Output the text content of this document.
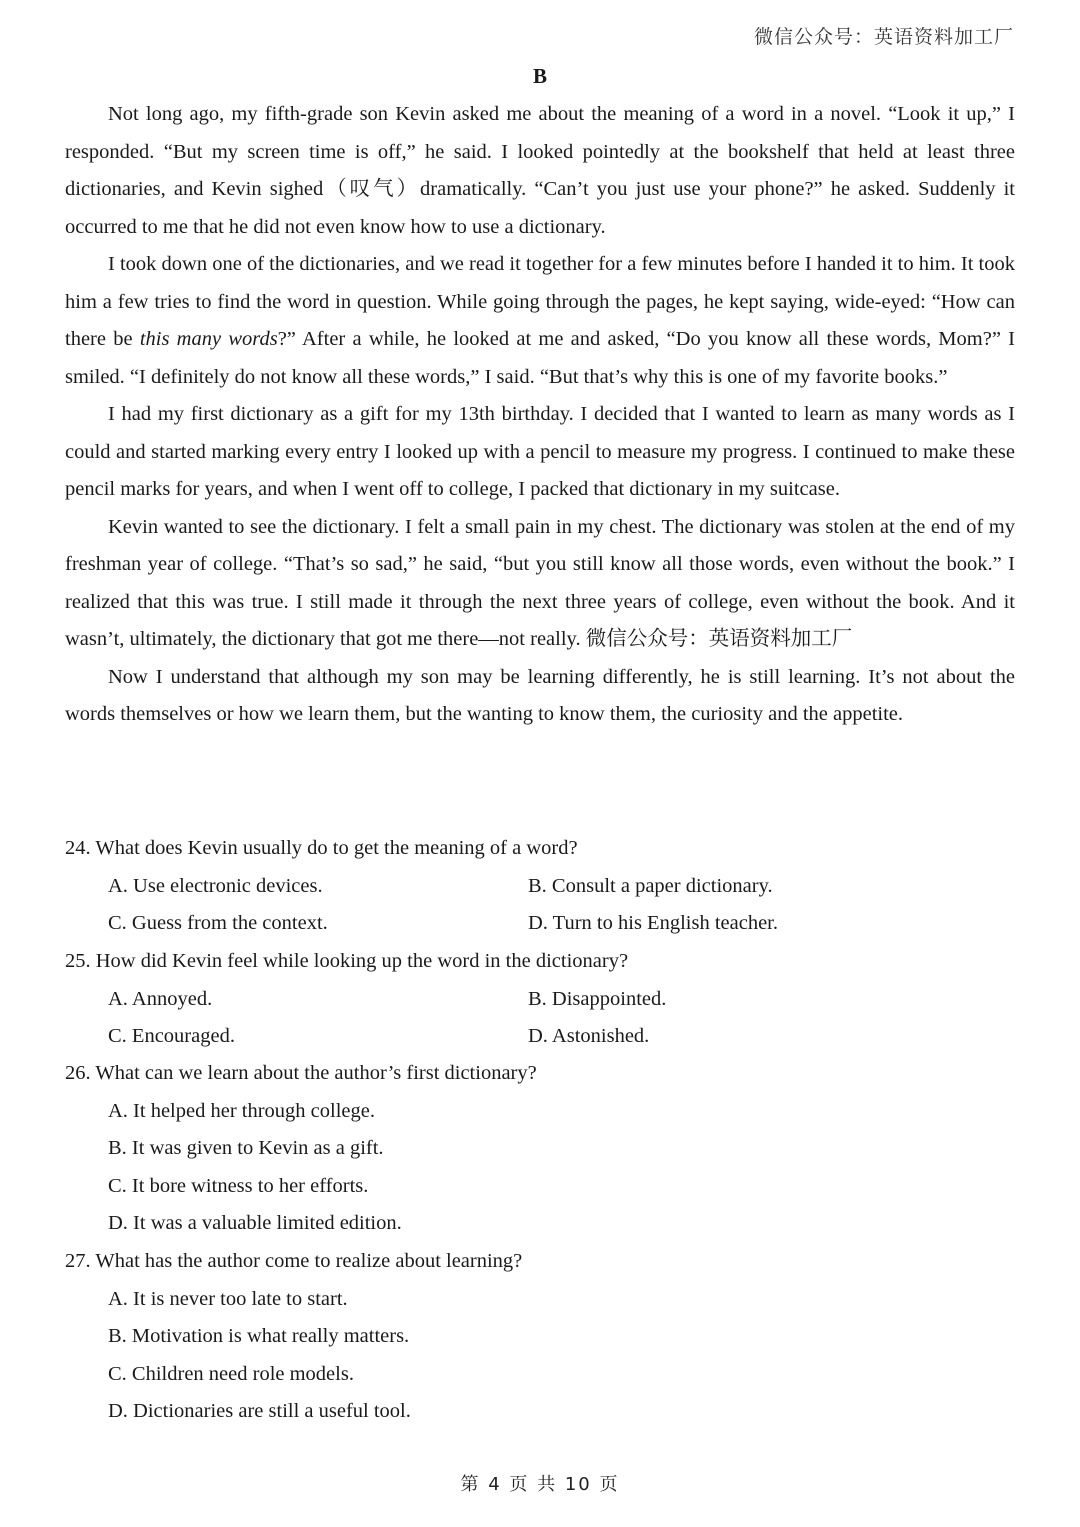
微信公众号：英语资料加工厂
B

Not long ago, my fifth-grade son Kevin asked me about the meaning of a word in a novel. “Look it up,” I responded. “But my screen time is off,” he said. I looked pointedly at the bookshelf that held at least three dictionaries, and Kevin sighed（叹气）dramatically. “Can’t you just use your phone?” he asked. Suddenly it occurred to me that he did not even know how to use a dictionary.

I took down one of the dictionaries, and we read it together for a few minutes before I handed it to him. It took him a few tries to find the word in question. While going through the pages, he kept saying, wide-eyed: “How can there be this many words?” After a while, he looked at me and asked, “Do you know all these words, Mom?” I smiled. “I definitely do not know all these words,” I said. “But that’s why this is one of my favorite books.”

I had my first dictionary as a gift for my 13th birthday. I decided that I wanted to learn as many words as I could and started marking every entry I looked up with a pencil to measure my progress. I continued to make these pencil marks for years, and when I went off to college, I packed that dictionary in my suitcase.

Kevin wanted to see the dictionary. I felt a small pain in my chest. The dictionary was stolen at the end of my freshman year of college. “That’s so sad,” he said, “but you still know all those words, even without the book.” I realized that this was true. I still made it through the next three years of college, even without the book. And it wasn’t, ultimately, the dictionary that got me there—not really. 微信公众号：英语资料加工厂

Now I understand that although my son may be learning differently, he is still learning. It’s not about the words themselves or how we learn them, but the wanting to know them, the curiosity and the appetite.

24. What does Kevin usually do to get the meaning of a word?

A. Use electronic devices.	B. Consult a paper dictionary.

C. Guess from the context.	D. Turn to his English teacher.

25. How did Kevin feel while looking up the word in the dictionary?

A. Annoyed.	B. Disappointed.

C. Encouraged.	D. Astonished.

26. What can we learn about the author’s first dictionary?

A. It helped her through college.

B. It was given to Kevin as a gift.

C. It bore witness to her efforts.

D. It was a valuable limited edition.

27. What has the author come to realize about learning?

A. It is never too late to start.

B. Motivation is what really matters.

C. Children need role models.

D. Dictionaries are still a useful tool.

第 4 页 共 10 页
